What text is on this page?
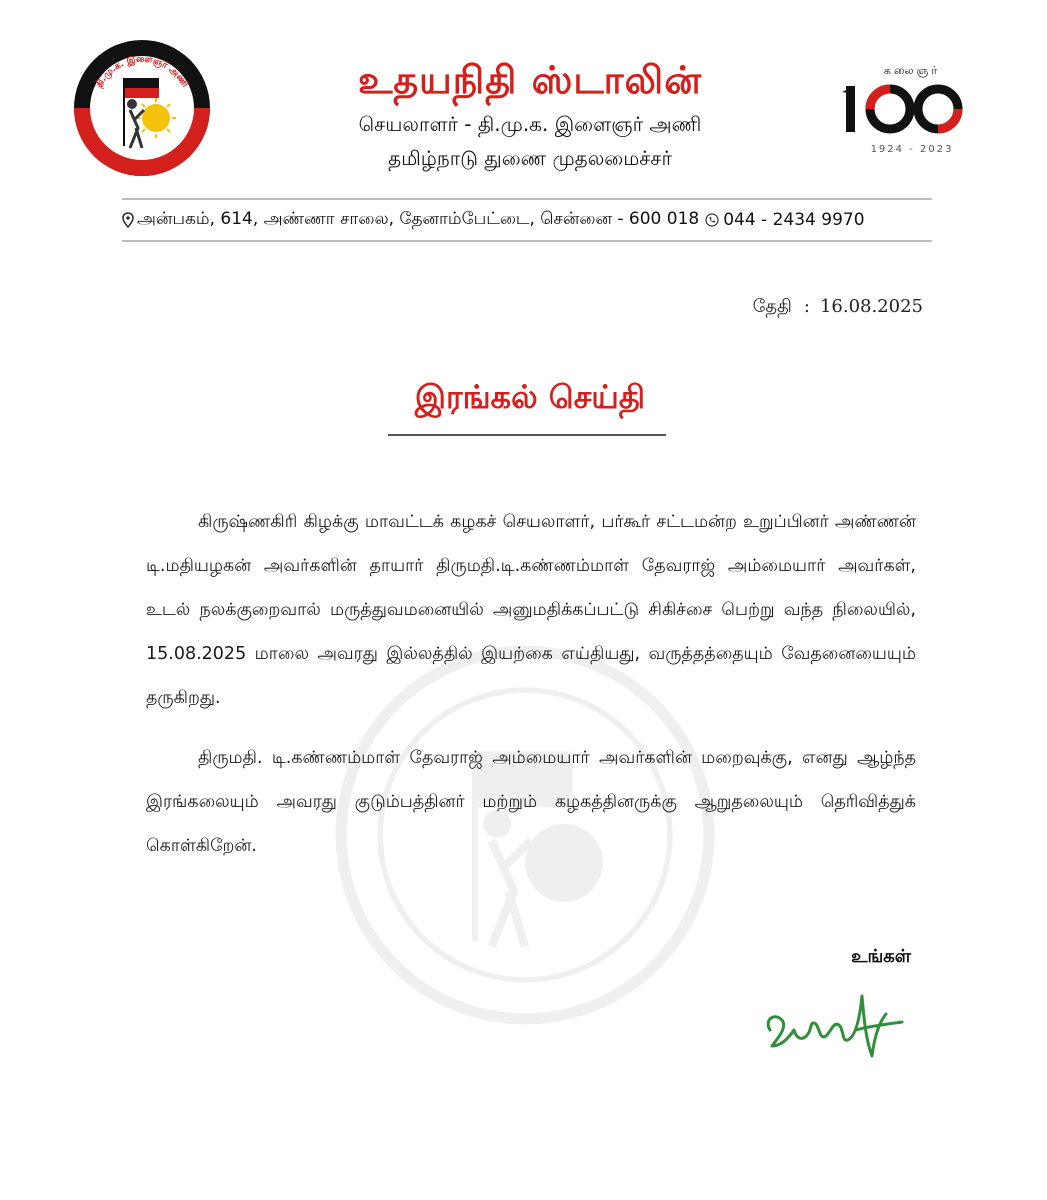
தி.மு.க. இளைஞர் அணி	உதயநிதி ஸ்டாலின்
செயலாளர் - தி.மு.க. இளைஞர் அணி
தமிழ்நாடு துணை முதலமைச்சர்
கலைஞர்
1924 - 2023
அன்பகம், 614, அண்ணா சாலை, தேனாம்பேட்டை, சென்னை - 600 018 044 - 2434 9970
தேதி : 16.08.2025
இரங்கல் செய்தி

கிருஷ்ணகிரி கிழக்கு மாவட்டக் கழகச் செயலாளர், பர்கூர் சட்டமன்ற உறுப்பினர் அண்ணன் டி.மதியழகன் அவர்களின் தாயார் திருமதி.டி.கண்ணம்மாள் தேவராஜ் அம்மையார் அவர்கள், உடல் நலக்குறைவால் மருத்துவமனையில் அனுமதிக்கப்பட்டு சிகிச்சை பெற்று வந்த நிலையில், 15.08.2025 மாலை அவரது இல்லத்தில் இயற்கை எய்தியது, வருத்தத்தையும் வேதனையையும் தருகிறது.

திருமதி. டி.கண்ணம்மாள் தேவராஜ் அம்மையார் அவர்களின் மறைவுக்கு, எனது ஆழ்ந்த இரங்கலையும் அவரது குடும்பத்தினர் மற்றும் கழகத்தினருக்கு ஆறுதலையும் தெரிவித்துக் கொள்கிறேன்.

உங்கள்
